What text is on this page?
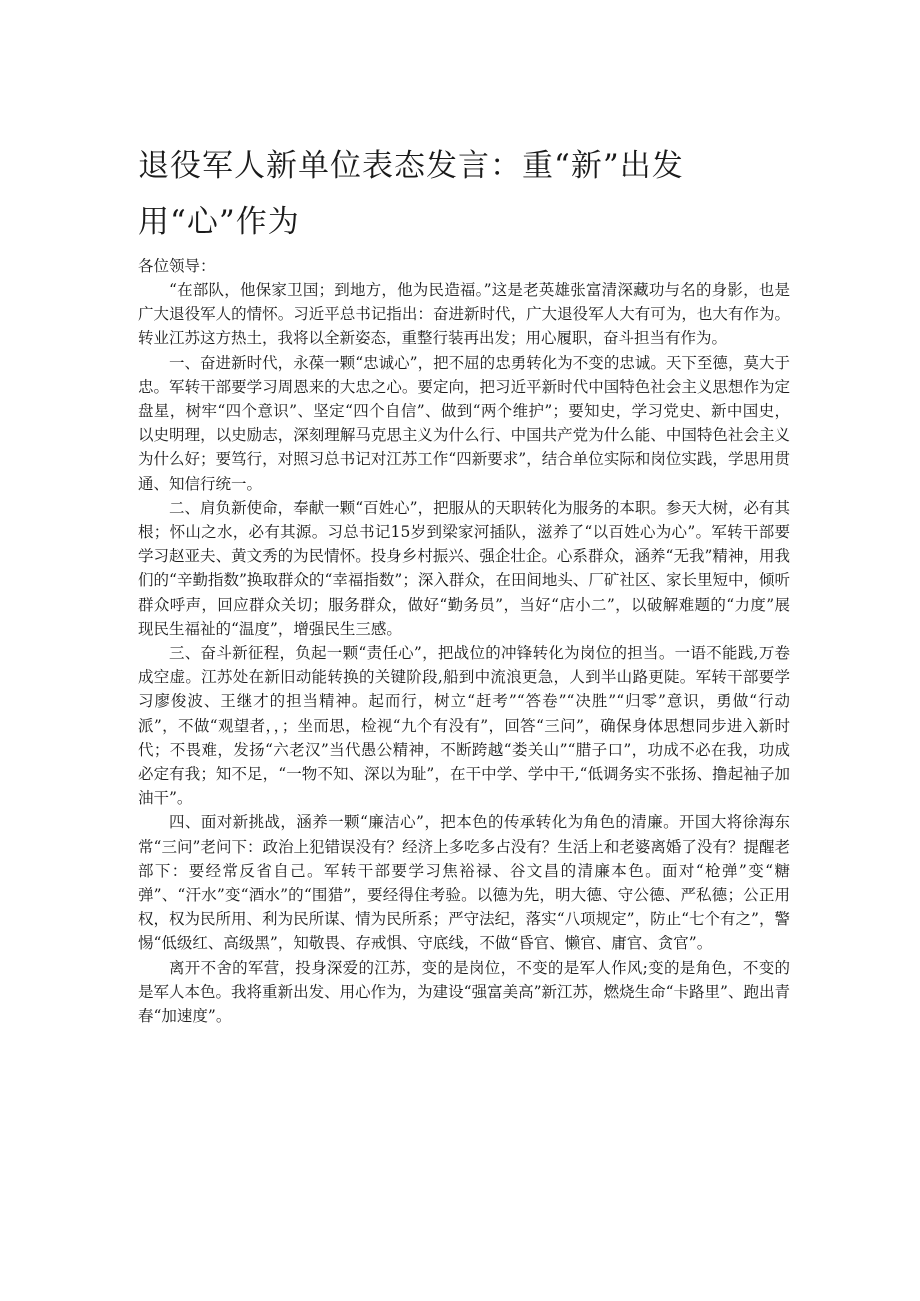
退役军人新单位表态发言：重“新”出发用“心”作为

各位领导：

“在部队，他保家卫国；到地方，他为民造福。”这是老英雄张富清深藏功与名的身影，也是广大退役军人的情怀。习近平总书记指出：奋进新时代，广大退役军人大有可为，也大有作为。转业江苏这方热土，我将以全新姿态，重整行装再出发；用心履职，奋斗担当有作为。

一、奋进新时代，永葆一颗“忠诚心”，把不屈的忠勇转化为不变的忠诚。天下至德，莫大于忠。军转干部要学习周恩来的大忠之心。要定向，把习近平新时代中国特色社会主义思想作为定盘星，树牢“四个意识”、坚定“四个自信”、做到“两个维护”；要知史，学习党史、新中国史，以史明理，以史励志，深刻理解马克思主义为什么行、中国共产党为什么能、中国特色社会主义为什么好；要笃行，对照习总书记对江苏工作“四新要求”，结合单位实际和岗位实践，学思用贯通、知信行统一。

二、肩负新使命，奉献一颗“百姓心”，把服从的天职转化为服务的本职。参天大树，必有其根；怀山之水，必有其源。习总书记15岁到梁家河插队，滋养了“以百姓心为心”。军转干部要学习赵亚夫、黄文秀的为民情怀。投身乡村振兴、强企壮企。心系群众，涵养“无我”精神，用我们的“辛勤指数”换取群众的“幸福指数”；深入群众，在田间地头、厂矿社区、家长里短中，倾听群众呼声，回应群众关切；服务群众，做好“勤务员”，当好“店小二”，以破解难题的“力度”展现民生福祉的“温度”，增强民生三感。

三、奋斗新征程，负起一颗“责任心”，把战位的冲锋转化为岗位的担当。一语不能践,万卷成空虚。江苏处在新旧动能转换的关键阶段,船到中流浪更急，人到半山路更陡。军转干部要学习廖俊波、王继才的担当精神。起而行，树立“赶考”“答卷”“决胜”“归零”意识，勇做“行动派”，不做“观望者，，；坐而思，检视“九个有没有”，回答“三问”，确保身体思想同步进入新时代；不畏难，发扬“六老汉”当代愚公精神，不断跨越“娄关山”“腊子口”，功成不必在我，功成必定有我；知不足，“一物不知、深以为耻”，在干中学、学中干,“低调务实不张扬、撸起袖子加油干”。

四、面对新挑战，涵养一颗“廉洁心”，把本色的传承转化为角色的清廉。开国大将徐海东常“三问”老问下：政治上犯错误没有？经济上多吃多占没有？生活上和老婆离婚了没有？提醒老部下：要经常反省自己。军转干部要学习焦裕禄、谷文昌的清廉本色。面对“枪弹”变“糖弹”、“汗水”变“酒水”的“围猎”，要经得住考验。以德为先，明大德、守公德、严私德；公正用权，权为民所用、利为民所谋、情为民所系；严守法纪，落实“八项规定”，防止“七个有之”，警惕“低级红、高级黑”，知敬畏、存戒惧、守底线，不做“昏官、懒官、庸官、贪官”。

离开不舍的军营，投身深爱的江苏，变的是岗位，不变的是军人作风;变的是角色，不变的是军人本色。我将重新出发、用心作为，为建设“强富美高”新江苏，燃烧生命“卡路里”、跑出青春“加速度”。
